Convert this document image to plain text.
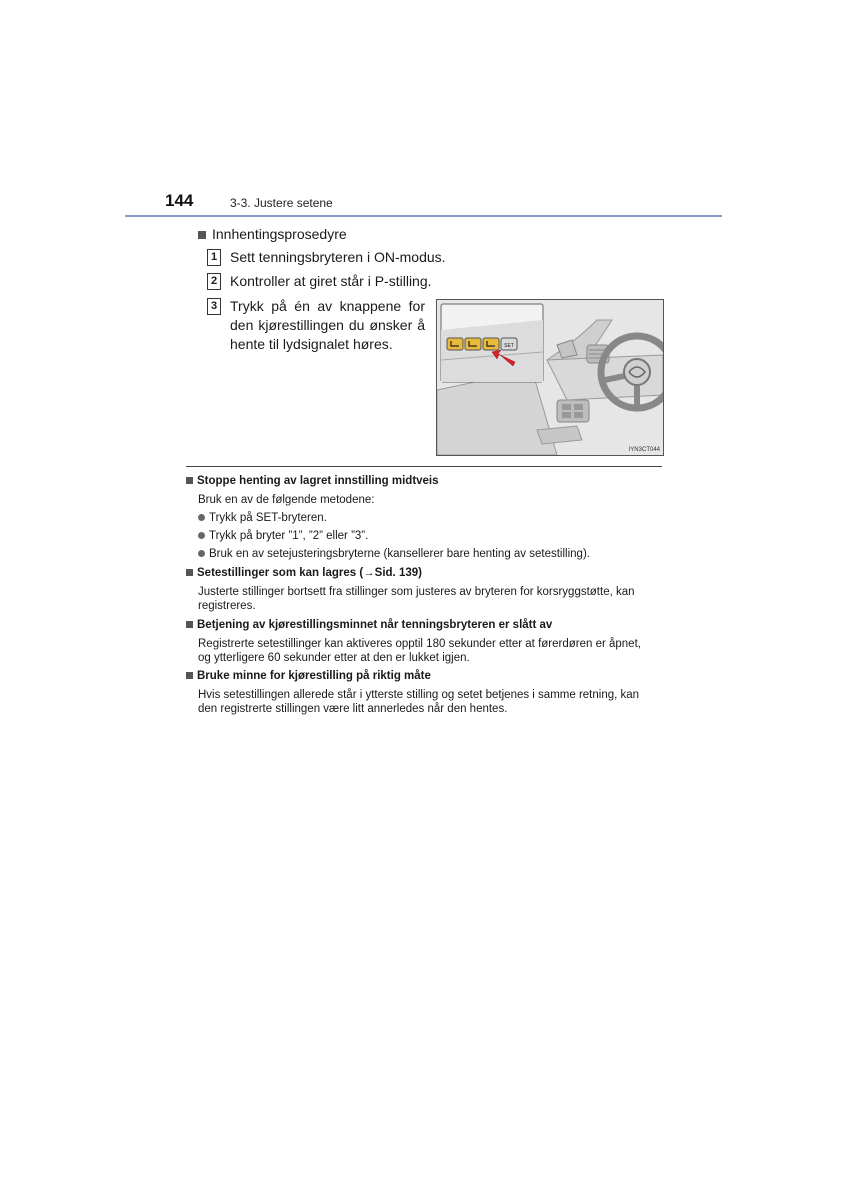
144	3-3. Justere setene
Innhentingsprosedyre
1 Sett tenningsbryteren i ON-modus.
2 Kontroller at giret står i P-stilling.
3 Trykk på én av knappene for den kjørestillingen du ønsker å hente til lydsignalet høres.	SET
IYN3CT044
Stoppe henting av lagret innstilling midtveis
Bruk en av de følgende metodene:
Trykk på SET-bryteren.
Trykk på bryter ”1”, ”2” eller ”3”.
Bruk en av setejusteringsbryterne (kansellerer bare henting av setestilling).
Setestillinger som kan lagres (→Sid. 139)
Justerte stillinger bortsett fra stillinger som justeres av bryteren for korsryggstøtte, kan
registreres.
Betjening av kjørestillingsminnet når tenningsbryteren er slått av
Registrerte setestillinger kan aktiveres opptil 180 sekunder etter at førerdøren er åpnet,
og ytterligere 60 sekunder etter at den er lukket igjen.
Bruke minne for kjørestilling på riktig måte
Hvis setestillingen allerede står i ytterste stilling og setet betjenes i samme retning, kan
den registrerte stillingen være litt annerledes når den hentes.
